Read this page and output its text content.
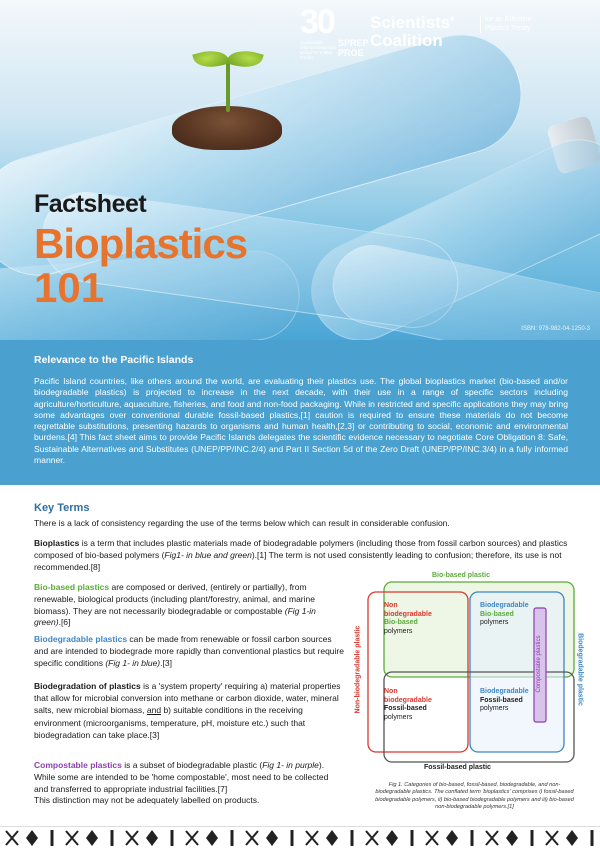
30
Sustainable environments and action for a Blue Pacific
SPREP
PROE
Scientists'
Coalition
for an Effective Plastics Treaty
Factsheet
Bioplastics
101
ISBN: 978-982-04-1250-3
Relevance to the Pacific Islands

Pacific Island countries, like others around the world, are evaluating their plastics use. The global bioplastics market (bio-based and/or biodegradable plastics) is projected to increase in the next decade, with their use in a range of specific sectors including agriculture/horticulture, aquaculture, fisheries, and food and non-food packaging. While in restricted and specific applications they may bring some advantages over conventional durable fossil-based plastics,[1] caution is required to ensure these materials do not become regrettable substitutions, presenting hazards to organisms and human health,[2,3] or contributing to social, economic and environmental burdens.[4] This fact sheet aims to provide Pacific Islands delegates the scientific evidence necessary to negotiate Core Obligation 8: Safe, Sustainable Alternatives and Substitutes (UNEP/PP/INC.2/4) and Part II Section 5d of the Zero Draft (UNEP/PP/INC.3/4) in a fully informed manner.

Key Terms
There is a lack of consistency regarding the use of the terms below which can result in considerable confusion.
Bioplastics is a term that includes plastic materials made of biodegradable polymers (including those from fossil carbon sources) and plastics composed of bio-based polymers (Fig1- in blue and green).[1] The term is not used consistently leading to confusion; therefore, its use is not recommended.[8]
Bio-based plastics are composed or derived, (entirely or partially), from renewable, biological products (including plant/forestry, animal, and marine biomass). They are not necessarily biodegradable or compostable (Fig 1-in green).[6]
Biodegradable plastics can be made from renewable or fossil carbon sources and are intended to biodegrade more rapidly than conventional plastics but require specific conditions (Fig 1- in blue).[3]
Biodegradation of plastics is a 'system property' requiring a) material properties that allow for microbial conversion into methane or carbon dioxide, water, mineral salts, new microbial biomass, and b) suitable conditions in the receiving environment (microorganisms, temperature, pH, moisture etc.) such that biodegradation can take place.[3]
Compostable plastics is a subset of biodegradable plastic (Fig 1- in purple). While some are intended to be 'home compostable', most need to be collected and transferred to appropriate industrial facilities.[7]
This distinction may not be adequately labelled on products.
Bio-based plastic
Fossil-based plastic
Non-biodegradable plastic	Biodegradable plastic
Compostable plastics
Non
biodegradable
Bio-based
polymers
Biodegradable
Bio-based
polymers
Non
biodegradable
Fossil-based
polymers
Biodegradable
Fossil-based
polymers
Fig 1. Categories of bio-based, fossil-based, biodegradable, and non-biodegradable plastics. The conflated term 'bioplastics' comprises i) fossil-based biodegradable polymers, ii) bio-based biodegradable polymers and iii) bio-based non-biodegradable polymers.[1]
